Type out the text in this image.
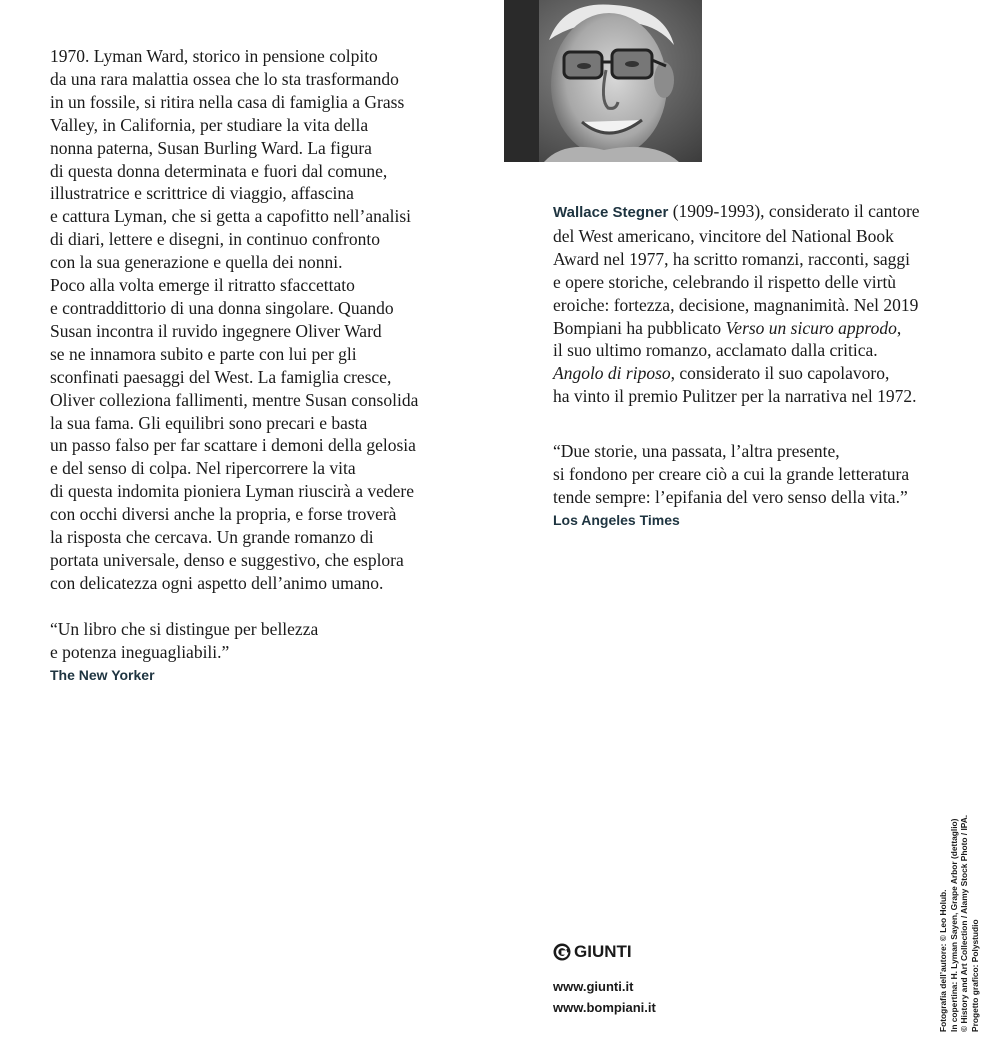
1970. Lyman Ward, storico in pensione colpito
da una rara malattia ossea che lo sta trasformando
in un fossile, si ritira nella casa di famiglia a Grass
Valley, in California, per studiare la vita della
nonna paterna, Susan Burling Ward. La figura
di questa donna determinata e fuori dal comune,
illustratrice e scrittrice di viaggio, affascina
e cattura Lyman, che si getta a capofitto nell’analisi
di diari, lettere e disegni, in continuo confronto
con la sua generazione e quella dei nonni.
Poco alla volta emerge il ritratto sfaccettato
e contraddittorio di una donna singolare. Quando
Susan incontra il ruvido ingegnere Oliver Ward
se ne innamora subito e parte con lui per gli
sconfinati paesaggi del West. La famiglia cresce,
Oliver colleziona fallimenti, mentre Susan consolida
la sua fama. Gli equilibri sono precari e basta
un passo falso per far scattare i demoni della gelosia
e del senso di colpa. Nel ripercorrere la vita
di questa indomita pioniera Lyman riuscirà a vedere
con occhi diversi anche la propria, e forse troverà
la risposta che cercava. Un grande romanzo di
portata universale, denso e suggestivo, che esplora
con delicatezza ogni aspetto dell’animo umano.
“Un libro che si distingue per bellezza
e potenza ineguagliabili.”
The New Yorker
Wallace Stegner (1909-1993), considerato il cantore
del West americano, vincitore del National Book
Award nel 1977, ha scritto romanzi, racconti, saggi
e opere storiche, celebrando il rispetto delle virtù
eroiche: fortezza, decisione, magnanimità. Nel 2019
Bompiani ha pubblicato Verso un sicuro approdo,
il suo ultimo romanzo, acclamato dalla critica.
Angolo di riposo, considerato il suo capolavoro,
ha vinto il premio Pulitzer per la narrativa nel 1972.
“Due storie, una passata, l’altra presente,
si fondono per creare ciò a cui la grande letteratura
tende sempre: l’epifania del vero senso della vita.”
Los Angeles Times
GIUNTI
www.giunti.it
www.bompiani.it	Fotografia dell’autore: © Leo Holub. In copertina: H. Lyman Sayen, Grape Arbor (dettaglio) © History and Art Collection / Alamy Stock Photo / IPA. Progetto grafico: Polystudio
